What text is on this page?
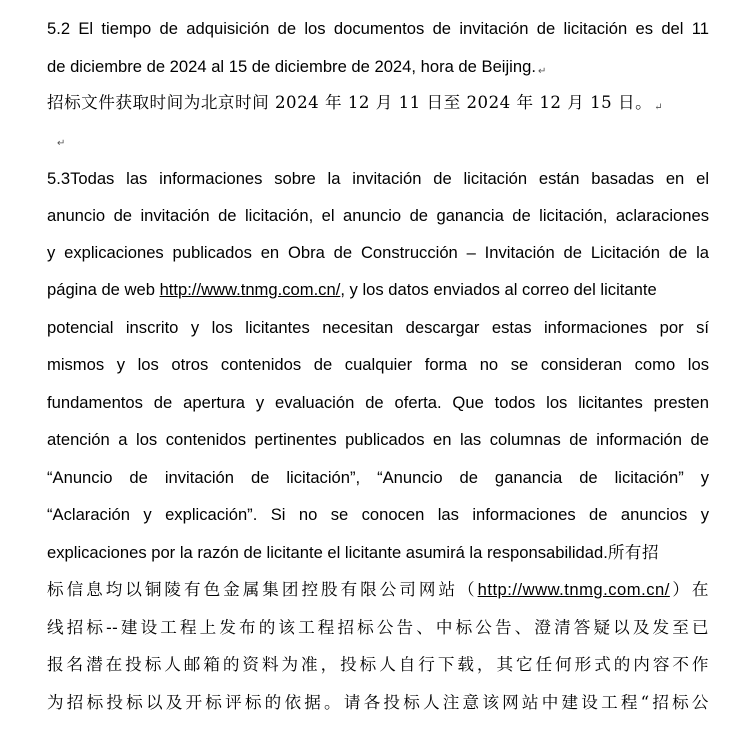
5.2 El tiempo de adquisición de los documentos de invitación de licitación es del 11
de diciembre de 2024 al 15 de diciembre de 2024, hora de Beijing. ↵
招标文件获取时间为北京时间 2024 年 12 月 11 日至 2024 年 12 月 15 日。 ↵
↵
5.3Todas las informaciones sobre la invitación de licitación están basadas en el
anuncio de invitación de licitación, el anuncio de ganancia de licitación, aclaraciones
y explicaciones publicados en Obra de Construcción – Invitación de Licitación de la
página de web http://www.tnmg.com.cn/, y los datos enviados al correo del licitante
potencial inscrito y los licitantes necesitan descargar estas informaciones por sí
mismos y los otros contenidos de cualquier forma no se consideran como los
fundamentos de apertura y evaluación de oferta. Que todos los licitantes presten
atención a los contenidos pertinentes publicados en las columnas de información de
“Anuncio de invitación de licitación”, “Anuncio de ganancia de licitación” y
“Aclaración y explicación”. Si no se conocen las informaciones de anuncios y
explicaciones por la razón de licitante el licitante asumirá la responsabilidad.所有招
标信息均以铜陵有色金属集团控股有限公司网站（http://www.tnmg.com.cn/）在
线招标--建设工程上发布的该工程招标公告、中标公告、澄清答疑以及发至已
报名潜在投标人邮箱的资料为准，投标人自行下载，其它任何形式的内容不作
为招标投标以及开标评标的依据。请各投标人注意该网站中建设工程“招标公
